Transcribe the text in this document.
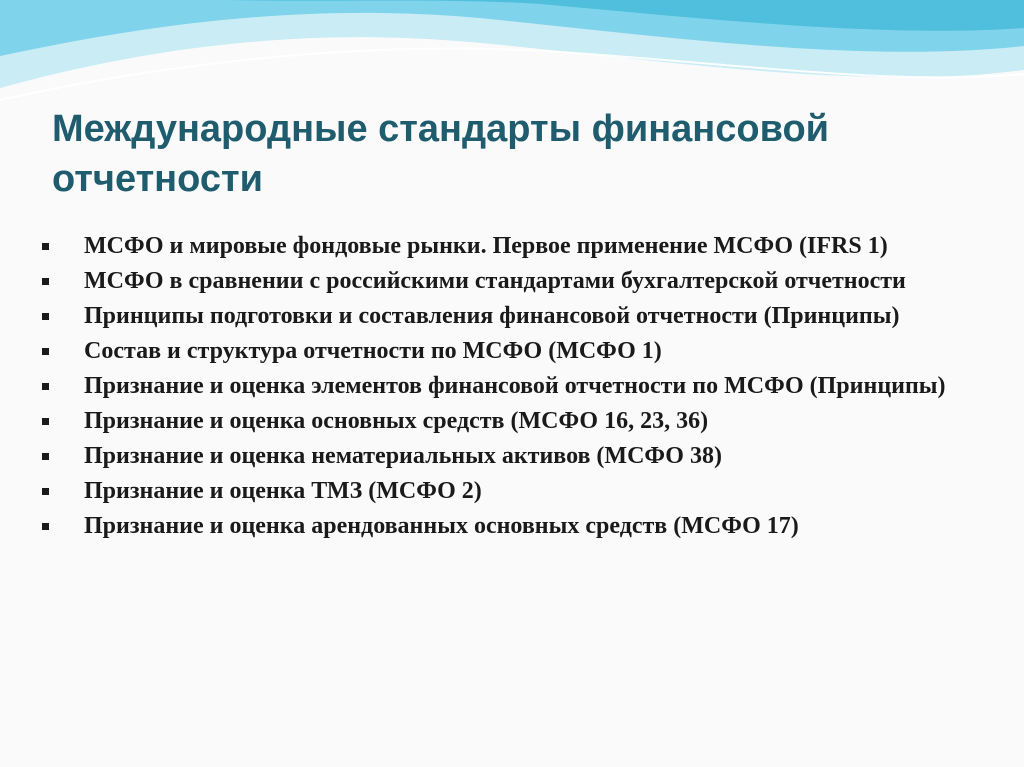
Международные стандарты финансовой отчетности
МСФО и мировые фондовые рынки. Первое применение МСФО (IFRS 1)
МСФО в сравнении с российскими стандартами бухгалтерской отчетности
Принципы подготовки и составления финансовой отчетности (Принципы)
Состав и структура отчетности по МСФО (МСФО 1)
Признание и оценка элементов финансовой отчетности по МСФО (Принципы)
Признание и оценка основных средств (МСФО 16, 23, 36)
Признание и оценка нематериальных активов (МСФО 38)
Признание и оценка ТМЗ (МСФО 2)
Признание и оценка арендованных основных средств (МСФО 17)
